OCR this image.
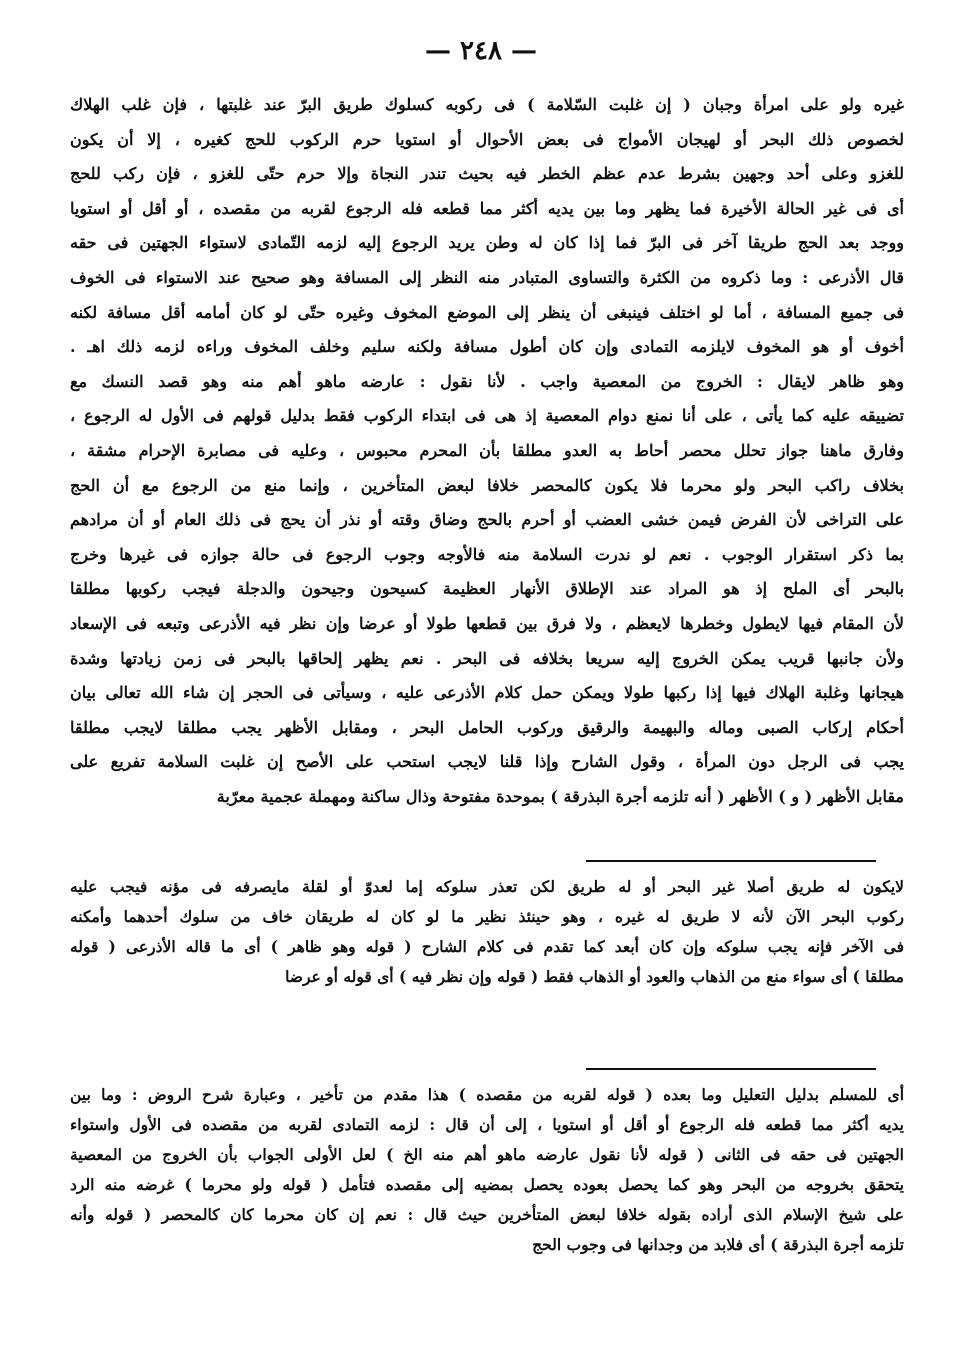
— ٢٤٨ —
غيره ولو على امرأة وجبان ( إن غلبت السّلامة ) فى ركوبه كسلوك طريق البرّ عند غلبتها ، فإن غلب الهلاك
لخصوص ذلك البحر أو لهيجان الأمواج فى بعض الأحوال أو استويا حرم الركوب للحج كغيره ، إلا أن يكون
للغزو وعلى أحد وجهين بشرط عدم عظم الخطر فيه بحيث تندر النجاة وإلا حرم حتّى للغزو ، فإن ركب للحج
أى فى غير الحالة الأخيرة فما يظهر وما بين يديه أكثر مما قطعه فله الرجوع لقربه من مقصده ، أو أقل أو استويا
ووجد بعد الحج طريقا آخر فى البرّ فما إذا كان له وطن يريد الرجوع إليه لزمه التّمادى لاستواء الجهتين فى حقه
قال الأذرعى : وما ذكروه من الكثرة والتساوى المتبادر منه النظر إلى المسافة وهو صحيح عند الاستواء فى الخوف
فى جميع المسافة ، أما لو اختلف فينبغى أن ينظر إلى الموضع المخوف وغيره حتّى لو كان أمامه أقل مسافة لكنه
أخوف أو هو المخوف لايلزمه التمادى وإن كان أطول مسافة ولكنه سليم وخلف المخوف وراءه لزمه ذلك اهـ .
وهو ظاهر لايقال : الخروج من المعصية واجب . لأنا نقول : عارضه ماهو أهم منه وهو قصد النسك مع
تضييقه عليه كما يأتى ، على أنا نمنع دوام المعصية إذ هى فى ابتداء الركوب فقط بدليل قولهم فى الأول له الرجوع ،
وفارق ماهنا جواز تحلل محصر أحاط به العدو مطلقا بأن المحرم محبوس ، وعليه فى مصابرة الإحرام مشقة ،
بخلاف راكب البحر ولو محرما فلا يكون كالمحصر خلافا لبعض المتأخرين ، وإنما منع من الرجوع مع أن الحج
على التراخى لأن الفرض فيمن خشى العضب أو أحرم بالحج وضاق وقته أو نذر أن يحج فى ذلك العام أو أن مرادهم
بما ذكر استقرار الوجوب . نعم لو ندرت السلامة منه فالأوجه وجوب الرجوع فى حالة جوازه فى غيرها وخرج
بالبحر أى الملح إذ هو المراد عند الإطلاق الأنهار العظيمة كسيحون وجيحون والدجلة فيجب ركوبها مطلقا
لأن المقام فيها لايطول وخطرها لايعظم ، ولا فرق بين قطعها طولا أو عرضا وإن نظر فيه الأذرعى وتبعه فى الإسعاد
ولأن جانبها قريب يمكن الخروج إليه سريعا بخلافه فى البحر . نعم يظهر إلحاقها بالبحر فى زمن زيادتها وشدة
هيجانها وغلبة الهلاك فيها إذا ركبها طولا ويمكن حمل كلام الأذرعى عليه ، وسيأتى فى الحجر إن شاء الله تعالى بيان
أحكام إركاب الصبى وماله والبهيمة والرقيق وركوب الحامل البحر ، ومقابل الأظهر يجب مطلقا لايجب مطلقا
يجب فى الرجل دون المرأة ، وقول الشارح وإذا قلنا لايجب استحب على الأصح إن غلبت السلامة تفريع على
مقابل الأظهر ( و ) الأظهر ( أنه تلزمه أجرة البذرقة ) بموحدة مفتوحة وذال ساكنة ومهملة عجمية معرّبة
لايكون له طريق أصلا غير البحر أو له طريق لكن تعذر سلوكه إما لعدوّ أو لقلة مايصرفه فى مؤنه فيجب عليه
ركوب البحر الآن لأنه لا طريق له غيره ، وهو حينئذ نظير ما لو كان له طريقان خاف من سلوك أحدهما وأمكنه
فى الآخر فإنه يجب سلوكه وإن كان أبعد كما تقدم فى كلام الشارح ( قوله وهو ظاهر ) أى ما قاله الأذرعى ( قوله
مطلقا ) أى سواء منع من الذهاب والعود أو الذهاب فقط ( قوله وإن نظر فيه ) أى قوله أو عرضا
أى للمسلم بدليل التعليل وما بعده ( قوله لقربه من مقصده ) هذا مقدم من تأخير ، وعبارة شرح الروض : وما بين
يديه أكثر مما قطعه فله الرجوع أو أقل أو استويا ، إلى أن قال : لزمه التمادى لقربه من مقصده فى الأول واستواء
الجهتين فى حقه فى الثانى ( قوله لأنا نقول عارضه ماهو أهم منه الخ ) لعل الأولى الجواب بأن الخروج من المعصية
يتحقق بخروجه من البحر وهو كما يحصل بعوده يحصل بمضيه إلى مقصده فتأمل ( قوله ولو محرما ) غرضه منه الرد
على شيخ الإسلام الذى أراده بقوله خلافا لبعض المتأخرين حيث قال : نعم إن كان محرما كان كالمحصر ( قوله وأنه
تلزمه أجرة البذرقة ) أى فلابد من وجدانها فى وجوب الحج
